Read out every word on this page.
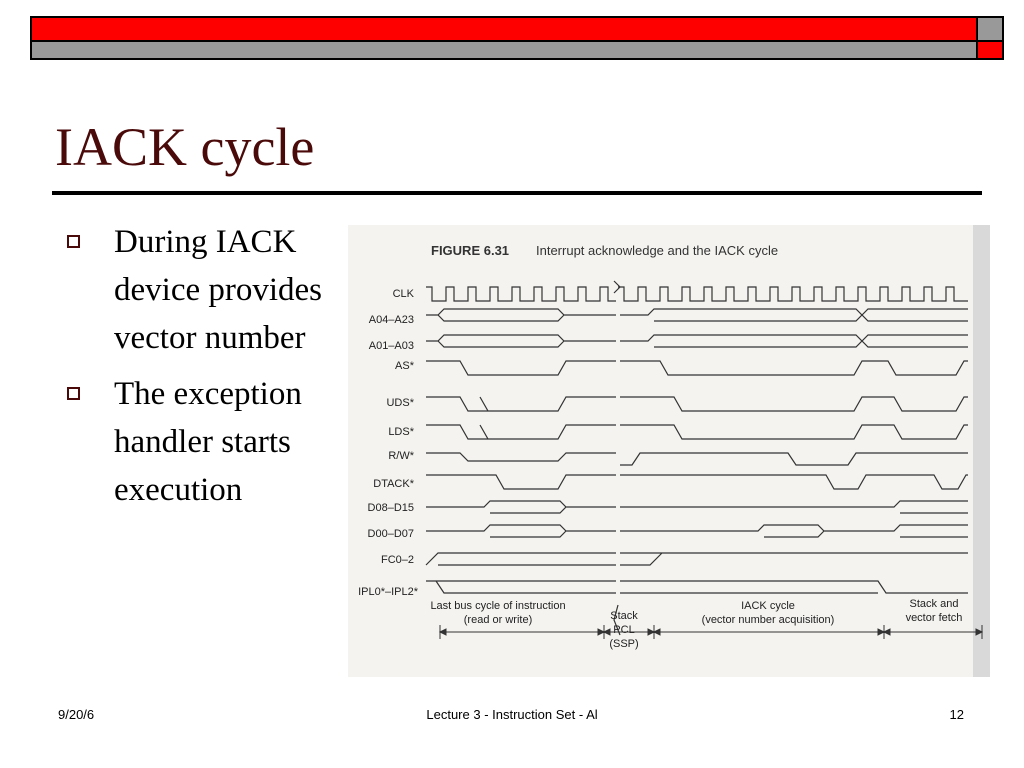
IACK cycle
During IACK device provides vector number
The exception handler starts execution
FIGURE 6.31 Interrupt acknowledge and the IACK cycle
CLK
A04–A23
A01–A03
AS*
UDS*
LDS*
R/W*
DTACK*
D08–D15
D00–D07
FC0–2
IPL0*–IPL2*
Last bus cycle of instruction
(read or write)	Stack
PCL
(SSP)
IACK cycle
(vector number acquisition)
Stack and
vector fetch
9/20/6	Lecture 3 - Instruction Set - Al	12
